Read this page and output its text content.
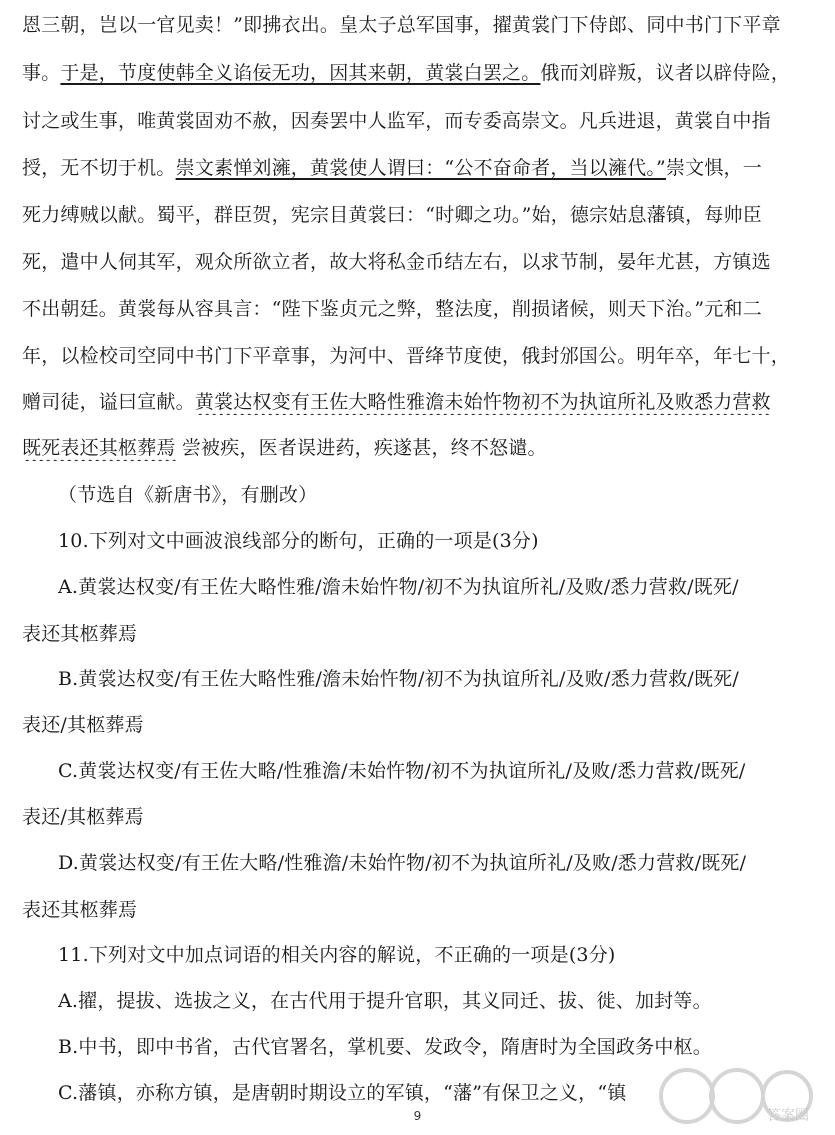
恩三朝，岂以一官见卖！”即拂衣出。皇太子总军国事，擢黄裳门下侍郎、同中书门下平章
事。于是，节度使韩全义谄佞无功，因其来朝，黄裳白罢之。俄而刘辟叛，议者以辟侍险，
讨之或生事，唯黄裳固劝不赦，因奏罢中人监军，而专委高崇文。凡兵进退，黄裳自中指
授，无不切于机。崇文素惮刘澭，黄裳使人谓曰：“公不奋命者，当以澭代。”崇文惧，一
死力缚贼以献。蜀平，群臣贺，宪宗目黄裳曰：“时卿之功。”始，德宗姑息藩镇，每帅臣
死，遣中人伺其军，观众所欲立者，故大将私金币结左右，以求节制，晏年尤甚，方镇选
不出朝廷。黄裳每从容具言：“陛下鉴贞元之弊，整法度，削损诸候，则天下治。”元和二
年，以检校司空同中书门下平章事，为河中、晋绛节度使，俄封邠国公。明年卒，年七十，
赠司徒，谥曰宣献。黄裳达权变有王佐大略性雅澹未始忤物初不为执谊所礼及败悉力营救
既死表还其柩葬焉 尝被疾，医者误进药，疾遂甚，终不怒谴。
（节选自《新唐书》，有删改）
10.下列对文中画波浪线部分的断句，正确的一项是(3分)
A.黄裳达权变/有王佐大略性雅/澹未始忤物/初不为执谊所礼/及败/悉力营救/既死/
表还其柩葬焉
B.黄裳达权变/有王佐大略性雅/澹未始忤物/初不为执谊所礼/及败/悉力营救/既死/
表还/其柩葬焉
C.黄裳达权变/有王佐大略/性雅澹/未始忤物/初不为执谊所礼/及败/悉力营救/既死/
表还/其柩葬焉
D.黄裳达权变/有王佐大略/性雅澹/未始忤物/初不为执谊所礼/及败/悉力营救/既死/
表还其柩葬焉
11.下列对文中加点词语的相关内容的解说，不正确的一项是(3分)
A.擢，提拔、选拔之义，在古代用于提升官职，其义同迁、拔、徙、加封等。
B.中书，即中书省，古代官署名，掌机要、发政令，隋唐时为全国政务中枢。
C.藩镇，亦称方镇，是唐朝时期设立的军镇，“藩”有保卫之义，“镇
9	答案圈
